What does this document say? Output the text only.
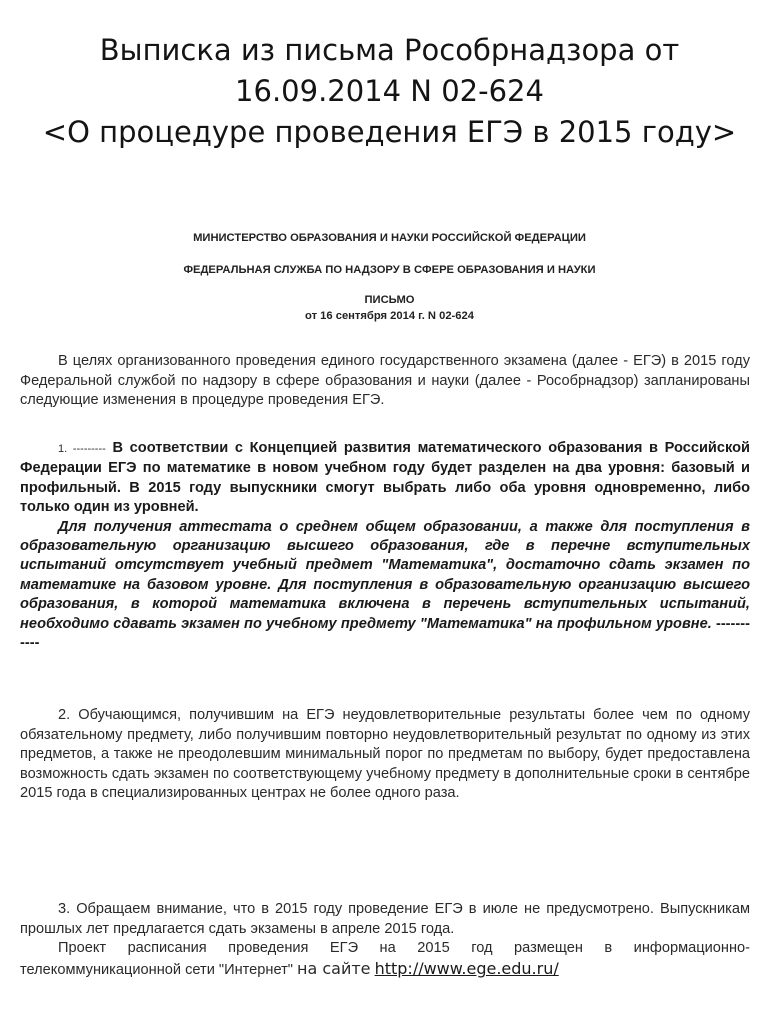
Выписка из письма Рособрнадзора от
16.09.2014 N 02-624
<О процедуре проведения ЕГЭ в 2015 году>
МИНИСТЕРСТВО ОБРАЗОВАНИЯ И НАУКИ РОССИЙСКОЙ ФЕДЕРАЦИИ
ФЕДЕРАЛЬНАЯ СЛУЖБА ПО НАДЗОРУ В СФЕРЕ ОБРАЗОВАНИЯ И НАУКИ
ПИСЬМО
от 16 сентября 2014 г. N 02-624
В целях организованного проведения единого государственного экзамена (далее - ЕГЭ) в 2015 году Федеральной службой по надзору в сфере образования и науки (далее - Рособрнадзор) запланированы следующие изменения в процедуре проведения ЕГЭ.
1. --------- В соответствии с Концепцией развития математического образования в Российской Федерации ЕГЭ по математике в новом учебном году будет разделен на два уровня: базовый и профильный. В 2015 году выпускники смогут выбрать либо оба уровня одновременно, либо только один из уровней.
Для получения аттестата о среднем общем образовании, а также для поступления в образовательную организацию высшего образования, где в перечне вступительных испытаний отсутствует учебный предмет "Математика", достаточно сдать экзамен по математике на базовом уровне. Для поступления в образовательную организацию высшего образования, в которой математика включена в перечень вступительных испытаний, необходимо сдавать экзамен по учебному предмету "Математика" на профильном уровне. -----------
2. Обучающимся, получившим на ЕГЭ неудовлетворительные результаты более чем по одному обязательному предмету, либо получившим повторно неудовлетворительный результат по одному из этих предметов, а также не преодолевшим минимальный порог по предметам по выбору, будет предоставлена возможность сдать экзамен по соответствующему учебному предмету в дополнительные сроки в сентябре 2015 года в специализированных центрах не более одного раза.
3. Обращаем внимание, что в 2015 году проведение ЕГЭ в июле не предусмотрено. Выпускникам прошлых лет предлагается сдать экзамены в апреле 2015 года.
Проект расписания проведения ЕГЭ на 2015 год размещен в информационно-телекоммуникационной сети "Интернет" на сайте http://www.ege.edu.ru/
